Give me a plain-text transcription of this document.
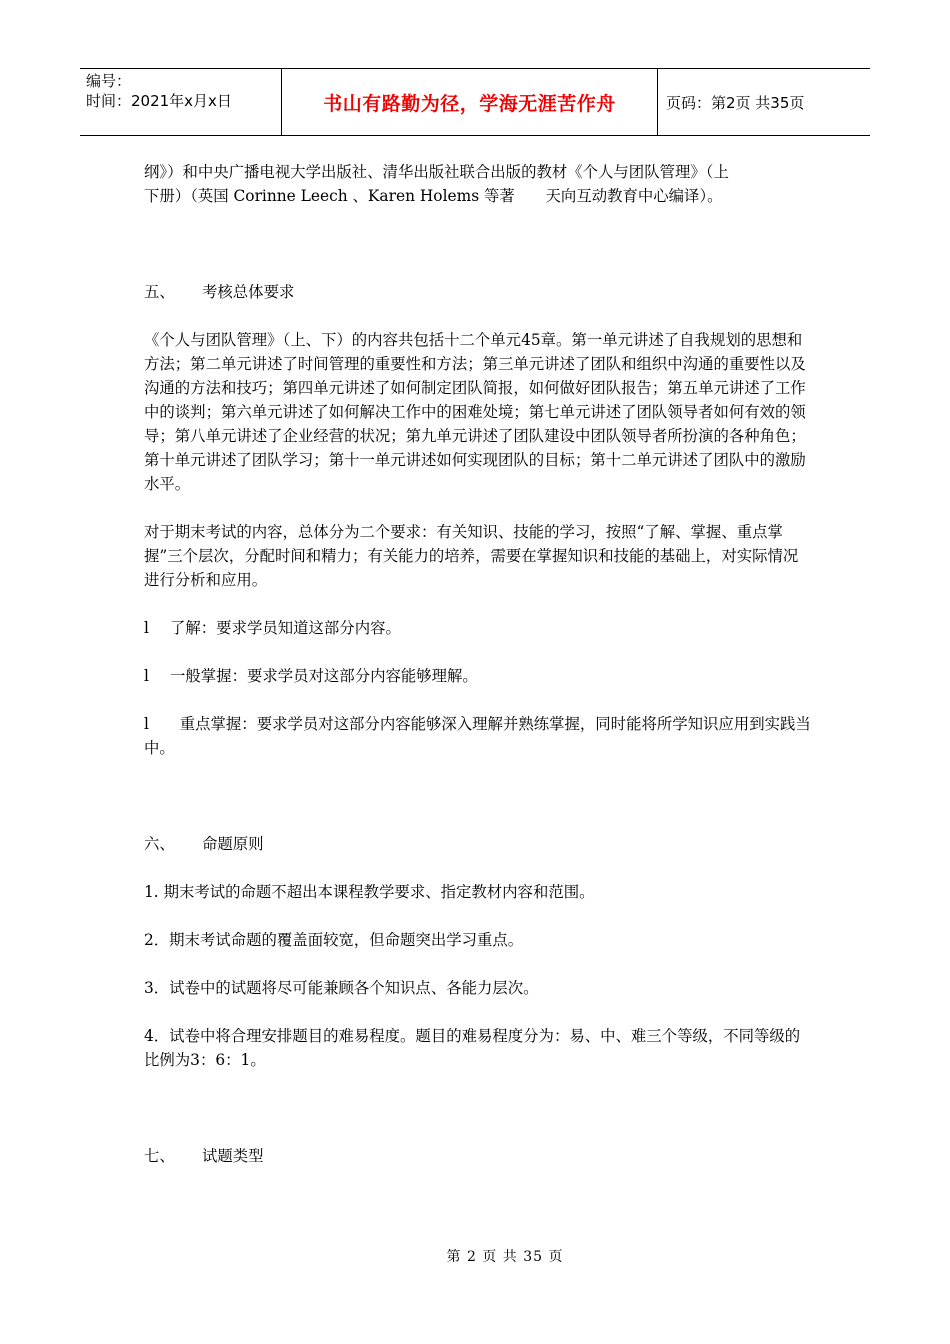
编号：
时间：2021年x月x日	书山有路勤为径，学海无涯苦作舟	页码：第2页 共35页

纲》）和中央广播电视大学出版社、清华出版社联合出版的教材《个人与团队管理》（上

下册）（英国 Corinne Leech 、Karen Holems 等著　　天向互动教育中心编译）。

五、	考核总体要求

《个人与团队管理》（上、下）的内容共包括十二个单元45章。第一单元讲述了自我规划的思想和方法；第二单元讲述了时间管理的重要性和方法；第三单元讲述了团队和组织中沟通的重要性以及沟通的方法和技巧；第四单元讲述了如何制定团队简报，如何做好团队报告；第五单元讲述了工作中的谈判；第六单元讲述了如何解决工作中的困难处境；第七单元讲述了团队领导者如何有效的领导；第八单元讲述了企业经营的状况；第九单元讲述了团队建设中团队领导者所扮演的各种角色；第十单元讲述了团队学习；第十一单元讲述如何实现团队的目标；第十二单元讲述了团队中的激励水平。

对于期末考试的内容，总体分为二个要求：有关知识、技能的学习，按照“了解、掌握、重点掌握”三个层次，分配时间和精力；有关能力的培养，需要在掌握知识和技能的基础上，对实际情况进行分析和应用。

l	了解：要求学员知道这部分内容。
l	一般掌握：要求学员对这部分内容能够理解。

l　　 重点掌握：要求学员对这部分内容能够深入理解并熟练掌握，同时能将所学知识应用到实践当中。

六、	命题原则

1. 期末考试的命题不超出本课程教学要求、指定教材内容和范围。

2．期末考试命题的覆盖面较宽，但命题突出学习重点。

3．试卷中的试题将尽可能兼顾各个知识点、各能力层次。

4．试卷中将合理安排题目的难易程度。题目的难易程度分为：易、中、难三个等级，不同等级的比例为3：6：1。

七、	试题类型
第 2 页 共 35 页
